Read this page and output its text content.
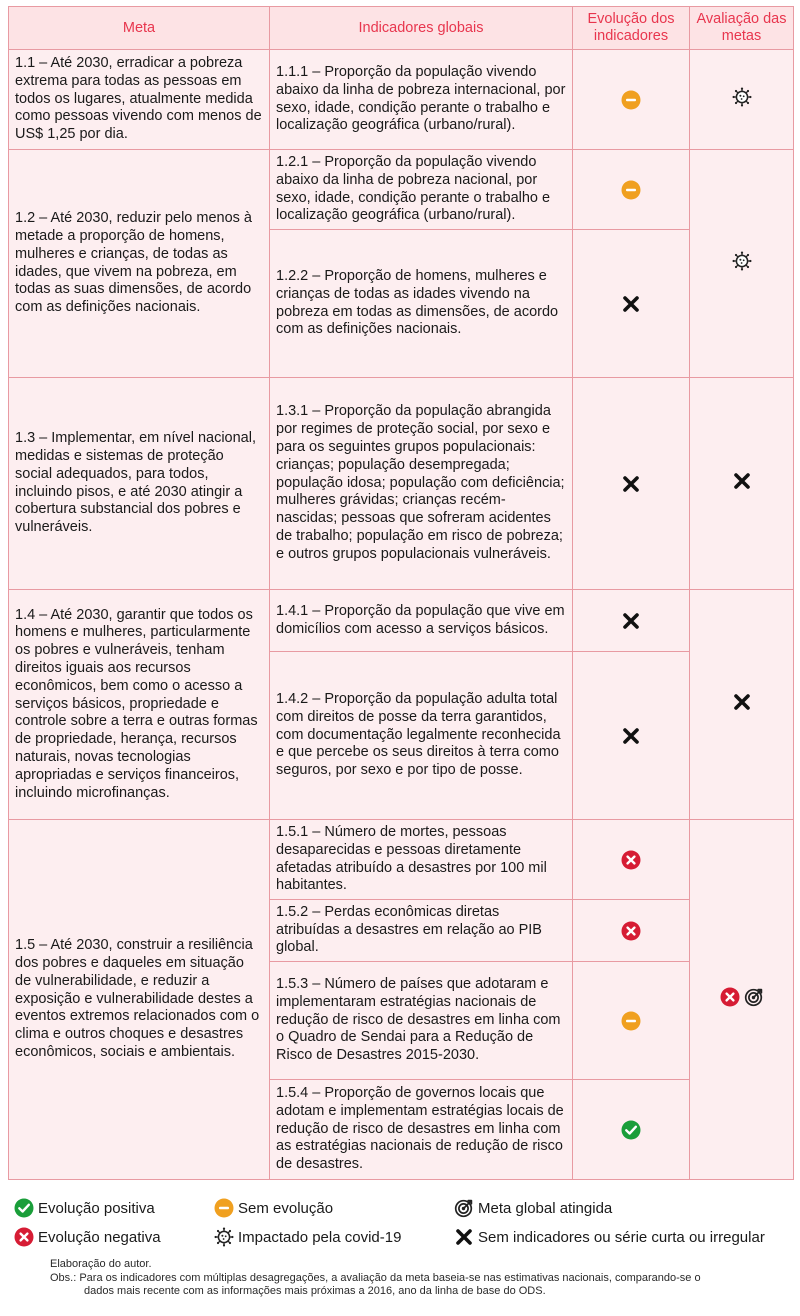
Meta	Indicadores globais	Evolução dos indicadores	Avaliação das metas
1.1 – Até 2030, erradicar a pobreza extrema para todas as pessoas em todos os lugares, atualmente medida como pessoas vivendo com menos de US$ 1,25 por dia.	1.1.1 – Proporção da população vivendo abaixo da linha de pobreza internacional, por sexo, idade, condição perante o trabalho e localização geográfica (urbano/rural).	

1.2 – Até 2030, reduzir pelo menos à metade a proporção de homens, mulheres e crianças, de todas as idades, que vivem na pobreza, em todas as suas dimensões, de acordo com as definições nacionais.	1.2.1 – Proporção da população vivendo abaixo da linha de pobreza nacional, por sexo, idade, condição perante o trabalho e localização geográfica (urbano/rural).	

	1.2.2 – Proporção de homens, mulheres e crianças de todas as idades vivendo na pobreza em todas as dimensões, de acordo com as definições nacionais.	

1.3 – Implementar, em nível nacional, medidas e sistemas de proteção social adequados, para todos, incluindo pisos, e até 2030 atingir a cobertura substancial dos pobres e vulneráveis.	1.3.1 – Proporção da população abrangida por regimes de proteção social, por sexo e para os seguintes grupos populacionais: crianças; população desempregada; população idosa; população com deficiência; mulheres grávidas; crianças recém-nascidas; pessoas que sofreram acidentes de trabalho; população em risco de pobreza; e outros grupos populacionais vulneráveis.	

1.4 – Até 2030, garantir que todos os homens e mulheres, particularmente os pobres e vulneráveis, tenham direitos iguais aos recursos econômicos, bem como o acesso a serviços básicos, propriedade e controle sobre a terra e outras formas de propriedade, herança, recursos naturais, novas tecnologias apropriadas e serviços financeiros, incluindo microfinanças.	1.4.1 – Proporção da população que vive em domicílios com acesso a serviços básicos.	

	1.4.2 – Proporção da população adulta total com direitos de posse da terra garantidos, com documentação legalmente reconhecida e que percebe os seus direitos à terra como seguros, por sexo e por tipo de posse.	

1.5 – Até 2030, construir a resiliência dos pobres e daqueles em situação de vulnerabilidade, e reduzir a exposição e vulnerabilidade destes a eventos extremos relacionados com o clima e outros choques e desastres econômicos, sociais e ambientais.	1.5.1 – Número de mortes, pessoas desaparecidas e pessoas diretamente afetadas atribuído a desastres por 100 mil habitantes.	

	1.5.2 – Perdas econômicas diretas atribuídas a desastres em relação ao PIB global.	

	1.5.3 – Número de países que adotaram e implementaram estratégias nacionais de redução de risco de desastres em linha com o Quadro de Sendai para a Redução de Risco de Desastres 2015-2030.	

	1.5.4 – Proporção de governos locais que adotam e implementam estratégias locais de redução de risco de desastres em linha com as estratégias nacionais de redução de risco de desastres.	
Evolução positiva	Sem evolução	Meta global atingida
Evolução negativa	Impactado pela covid-19	Sem indicadores ou série curta ou irregular
Elaboração do autor.
Obs.: Para os indicadores com múltiplas desagregações, a avaliação da meta baseia-se nas estimativas nacionais, comparando-se o
dados mais recente com as informações mais próximas a 2016, ano da linha de base do ODS.
